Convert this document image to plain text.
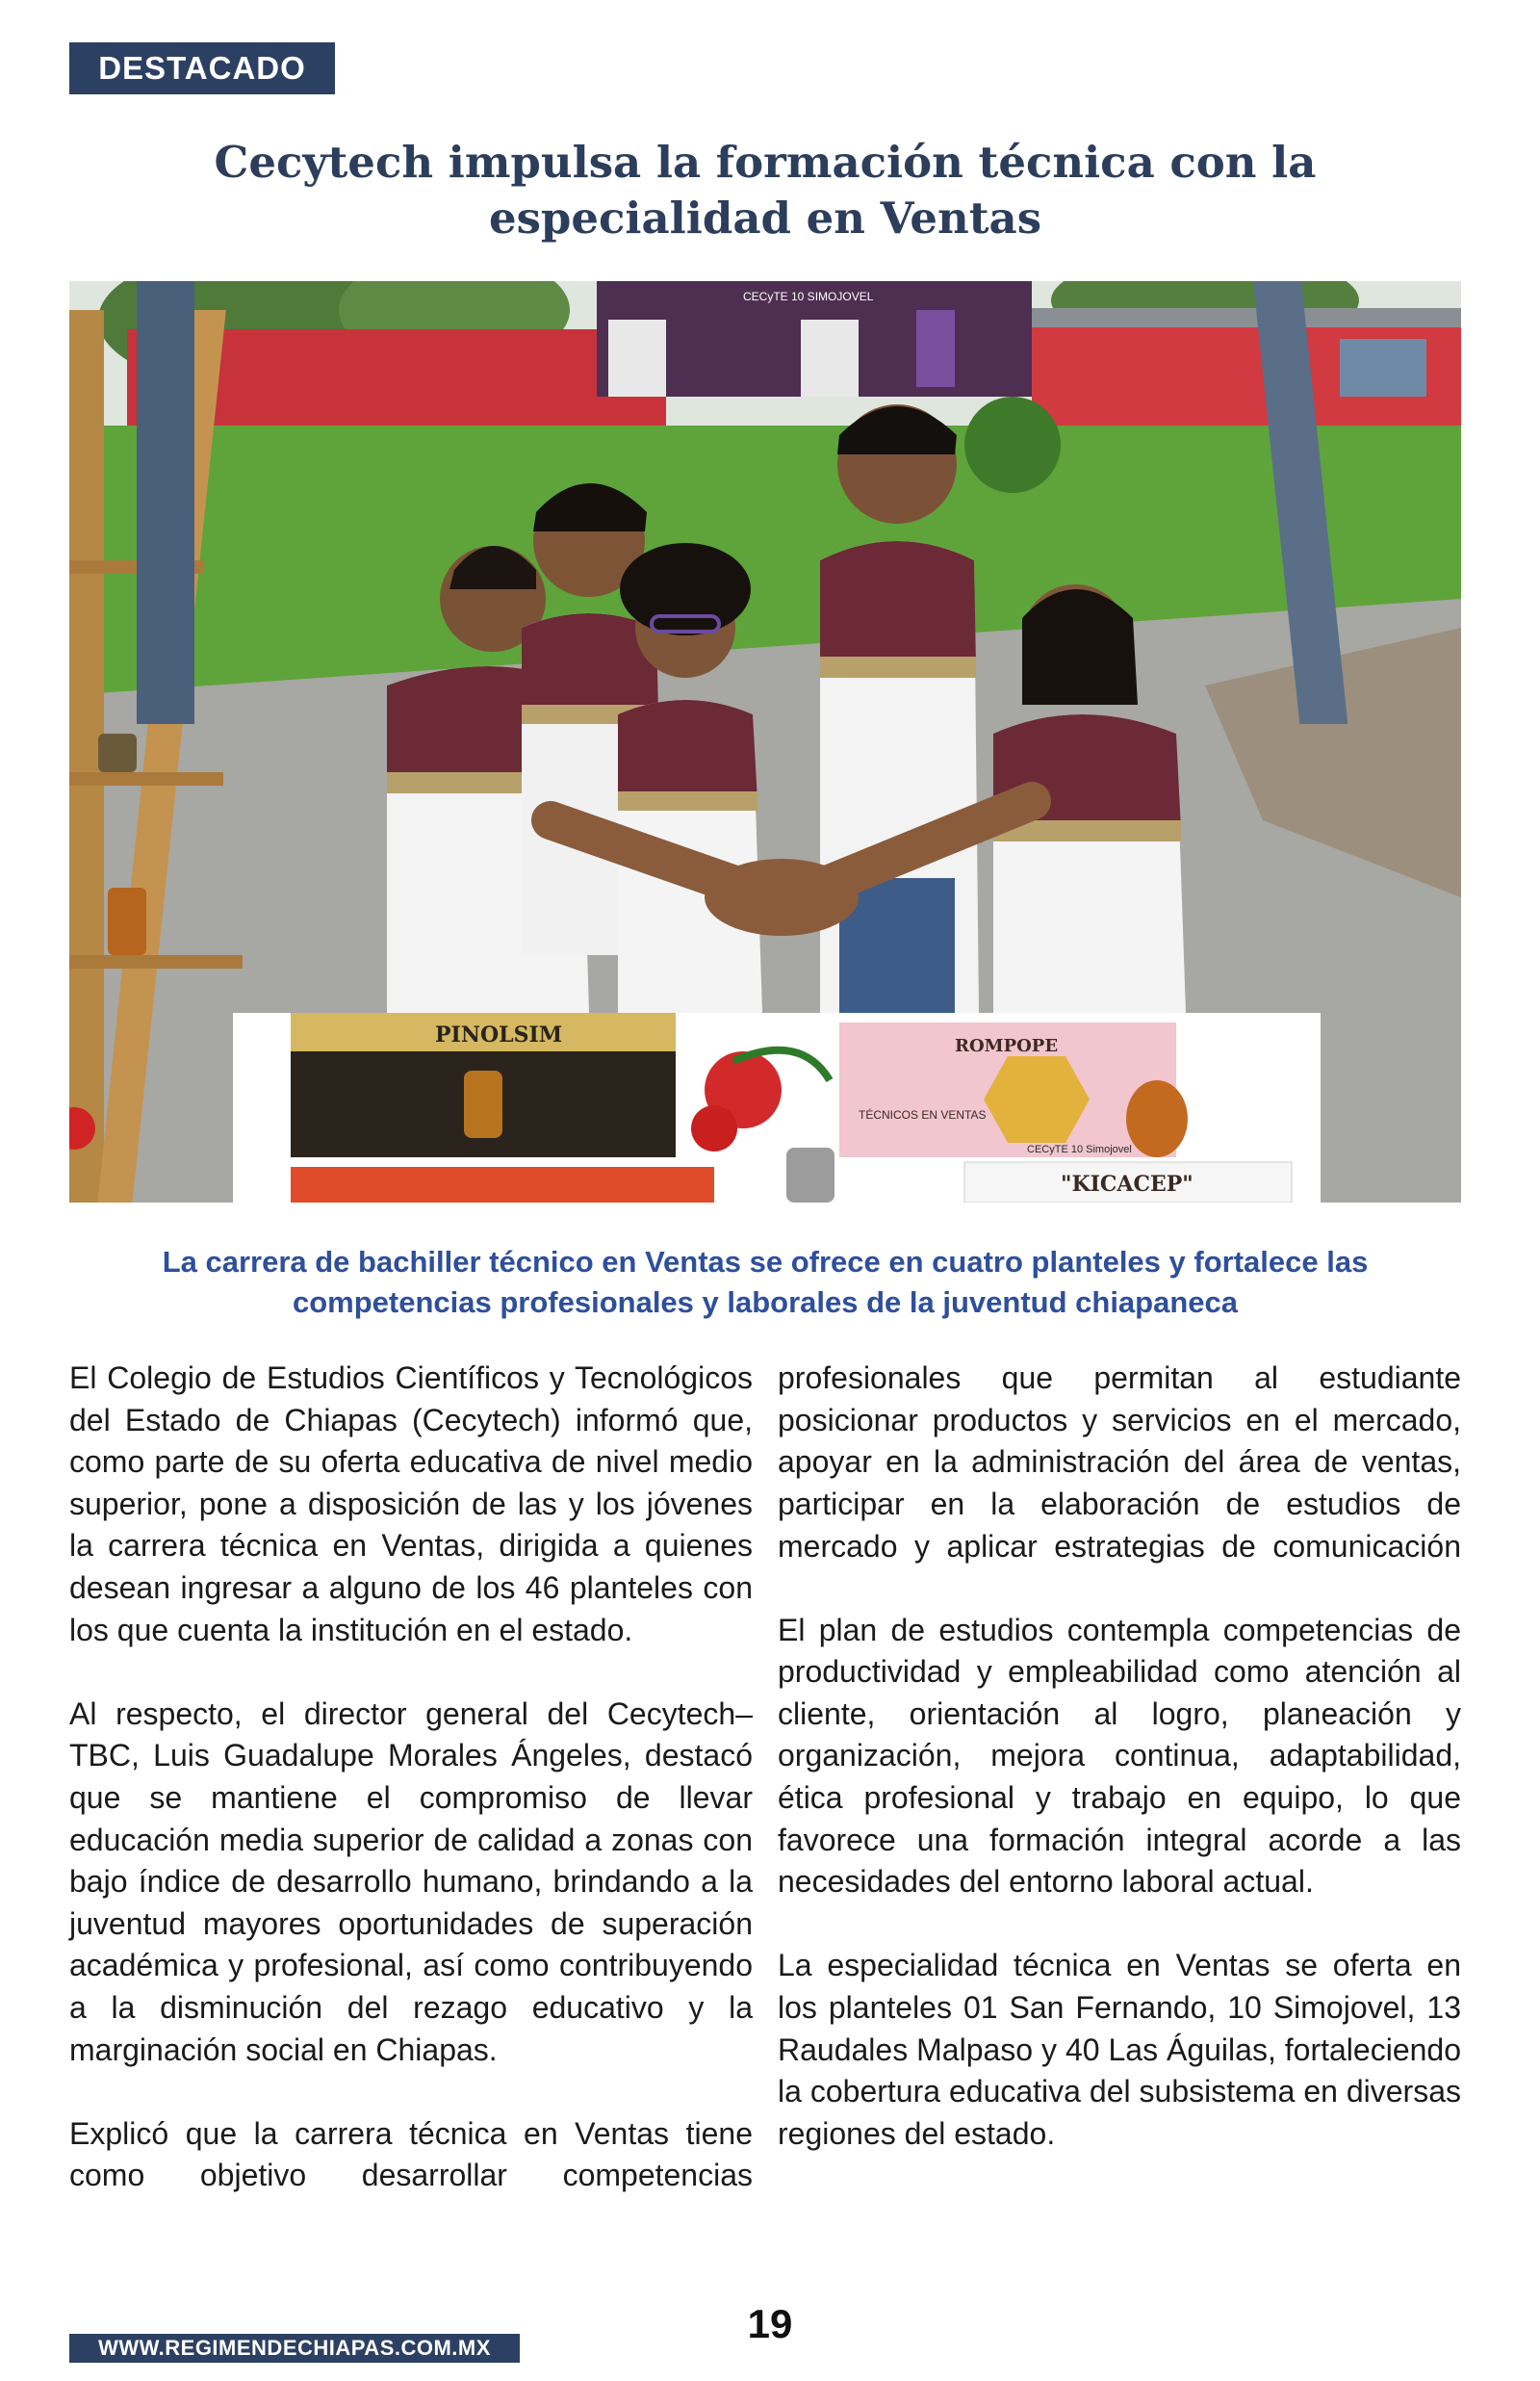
DESTACADO
Cecytech impulsa la formación técnica con la especialidad en Ventas
CECyTE 10 SIMOJOVEL
PINOLSIM	ROMPOPE
TÉCNICOS EN VENTAS
CECyTE 10 Simojovel
"KICACEP"

La carrera de bachiller técnico en Ventas se ofrece en cuatro planteles y fortalece las competencias profesionales y laborales de la juventud chiapaneca

El Colegio de Estudios Científicos y Tecnológicos del Estado de Chiapas (Cecytech) informó que, como parte de su oferta educativa de nivel medio superior, pone a disposición de las y los jóvenes la carrera técnica en Ventas, dirigida a quienes desean ingresar a alguno de los 46 planteles con los que cuenta la institución en el estado.

Al respecto, el director general del Cecytech–TBC, Luis Guadalupe Morales Ángeles, destacó que se mantiene el compromiso de llevar educación media superior de calidad a zonas con bajo índice de desarrollo humano, brindando a la juventud mayores oportunidades de superación académica y profesional, así como contribuyendo a la disminución del rezago educativo y la marginación social en Chiapas.

Explicó que la carrera técnica en Ventas tiene como objetivo desarrollar competencias

profesionales que permitan al estudiante posicionar productos y servicios en el mercado, apoyar en la administración del área de ventas, participar en la elaboración de estudios de mercado y aplicar estrategias de comunicación

El plan de estudios contempla competencias de productividad y empleabilidad como atención al cliente, orientación al logro, planeación y organización, mejora continua, adaptabilidad, ética profesional y trabajo en equipo, lo que favorece una formación integral acorde a las necesidades del entorno laboral actual.

La especialidad técnica en Ventas se oferta en los planteles 01 San Fernando, 10 Simojovel, 13 Raudales Malpaso y 40 Las Águilas, fortaleciendo la cobertura educativa del subsistema en diversas regiones del estado.

WWW.REGIMENDECHIAPAS.COM.MX
19
